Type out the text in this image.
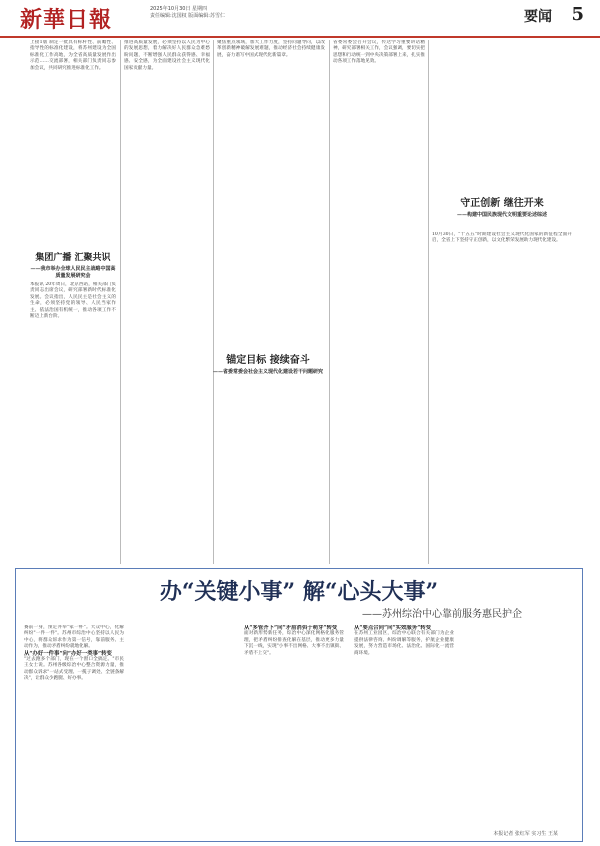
新華日報	2025年10月30日 星期四
责任编辑:沈国权 版面编辑:苏雪仁	要闻 5
上接1版 制定一批具有标杆性、前瞻性、指导性的标准化建设，将苏州建设为全国标准化工作高地，为全省高质量发展作出示范……交流部署，相关部门负责同志参加会议，共同研究推进标准化工作。
集团广播 汇聚共识
——我市举办全球人民民主战略中国高质量发展研究会
本报讯 20年周日，北京西站，相关部门负责同志出席会议，研究部署新时代标准化发展。会议指出，人民民主是社会主义的生命，必须坚持党的领导、人民当家作主、依法治国有机统一，推动各项工作不断迈上新台阶。
推进高质量发展，必须坚持以人民为中心的发展思想，着力解决好人民群众急难愁盼问题，不断增强人民群众获得感、幸福感、安全感，为全面建设社会主义现代化国家贡献力量。
聚焦重点领域，加大工作力度，坚持问题导向，以改革创新精神破解发展难题，推动经济社会持续健康发展，奋力谱写中国式现代化新篇章。
锚定目标 接续奋斗
——省委常委会社会主义现代化建设若干问题研究
省委常委会召开会议，传达学习重要讲话精神，研究部署相关工作，会议强调，要切实把思想和行动统一到中央决策部署上来，扎实推动各项工作落地见效。
守正创新 继往开来
——构建中国民族现代文明重要论述综述
10月30日，"十五五"时期建设社会主义现代化国家的新征程全面开启，全省上下坚持守正创新，以文化繁荣发展助力现代化建设。
办“关键小事” 解“心头大事”
——苏州综治中心靠前服务惠民护企
赛前一身，预定并举"家一杯"。大众中心，化解纠纷"一件一件"。苏州市综治中心坚持以人民为中心，将群众诉求作为第一信号，靠前服务、主动作为，推动矛盾纠纷就地化解。
从“办好一件事”向“办好一类事”转变
"过去跑多个部门，现在一个窗口全搞定。"市民王女士说。苏州各级综治中心整合资源力量，推动群众诉求"一站式受理、一揽子调处、全链条解决"，让群众少跑腿、好办事。
从“多管齐下”向“矛盾消弭于萌芽”转变
面对新形势新任务，综治中心深化网格化服务管理，把矛盾纠纷排查化解在基层，推动更多力量下沉一线，实现"小事不出网格、大事不出镇街、矛盾不上交"。
从“要点合同”向“实效服务”转变
在苏州工业园区，综治中心联合有关部门为企业提供法律咨询、纠纷调解等服务，护航企业健康发展，努力营造市场化、法治化、国际化一流营商环境。
本报记者 张红军 实习生 王某
